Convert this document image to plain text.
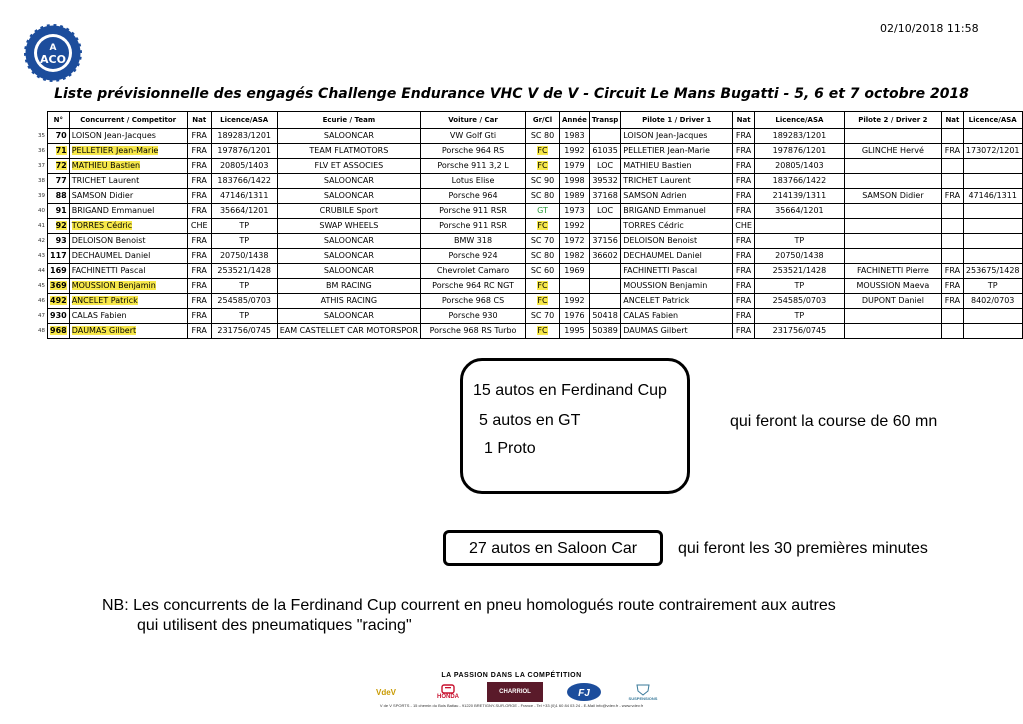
02/10/2018 11:58
A
ACO
Liste prévisionnelle des engagés Challenge Endurance VHC V de V - Circuit Le Mans Bugatti - 5, 6 et 7 octobre 2018
	N°	Concurrent / Competitor	Nat	Licence/ASA	Ecurie / Team	Voiture / Car	Gr/Cl	Année	Transp	Pilote 1 / Driver 1	Nat	Licence/ASA	Pilote 2 / Driver 2	Nat	Licence/ASA
35	70	LOISON Jean-Jacques	FRA	189283/1201	SALOONCAR	VW Golf Gti	SC 80	1983		LOISON Jean-Jacques	FRA	189283/1201			
36	71	PELLETIER Jean-Marie	FRA	197876/1201	TEAM FLATMOTORS	Porsche 964 RS	FC	1992	61035	PELLETIER Jean-Marie	FRA	197876/1201	GLINCHE Hervé	FRA	173072/1201
37	72	MATHIEU Bastien	FRA	20805/1403	FLV ET ASSOCIES	Porsche 911 3,2 L	FC	1979	LOC	MATHIEU Bastien	FRA	20805/1403			
38	77	TRICHET Laurent	FRA	183766/1422	SALOONCAR	Lotus Elise	SC 90	1998	39532	TRICHET Laurent	FRA	183766/1422			
39	88	SAMSON Didier	FRA	47146/1311	SALOONCAR	Porsche 964	SC 80	1989	37168	SAMSON Adrien	FRA	214139/1311	SAMSON Didier	FRA	47146/1311
40	91	BRIGAND Emmanuel	FRA	35664/1201	CRUBILE Sport	Porsche 911 RSR	GT	1973	LOC	BRIGAND Emmanuel	FRA	35664/1201			
41	92	TORRES Cédric	CHE	TP	SWAP WHEELS	Porsche 911 RSR	FC	1992		TORRES Cédric	CHE				
42	93	DELOISON Benoist	FRA	TP	SALOONCAR	BMW 318	SC 70	1972	37156	DELOISON Benoist	FRA	TP			
43	117	DECHAUMEL Daniel	FRA	20750/1438	SALOONCAR	Porsche 924	SC 80	1982	36602	DECHAUMEL Daniel	FRA	20750/1438			
44	169	FACHINETTI Pascal	FRA	253521/1428	SALOONCAR	Chevrolet Camaro	SC 60	1969		FACHINETTI Pascal	FRA	253521/1428	FACHINETTI Pierre	FRA	253675/1428
45	369	MOUSSION Benjamin	FRA	TP	BM RACING	Porsche 964 RC NGT	FC			MOUSSION Benjamin	FRA	TP	MOUSSION Maeva	FRA	TP
46	492	ANCELET Patrick	FRA	254585/0703	ATHIS RACING	Porsche 968 CS	FC	1992		ANCELET Patrick	FRA	254585/0703	DUPONT Daniel	FRA	8402/0703
47	930	CALAS Fabien	FRA	TP	SALOONCAR	Porsche 930	SC 70	1976	50418	CALAS Fabien	FRA	TP			
48	968	DAUMAS Gilbert	FRA	231756/0745	EAM CASTELLET CAR MOTORSPOR	Porsche 968 RS Turbo	FC	1995	50389	DAUMAS Gilbert	FRA	231756/0745			
15 autos en Ferdinand Cup
5 autos en GT
1 Proto
qui feront la course de 60 mn
27 autos en Saloon Car	qui feront les 30 premières minutes
NB: Les concurrents de la Ferdinand Cup courrent en pneu homologués route contrairement aux autres
qui utilisent des pneumatiques "racing"
LA PASSION DANS LA COMPÉTITION
VdeV
HONDA
CHARRIOL	FJ	SUSPENSIONS
V de V SPORTS - 15 chemin du Bois Batiau - 91220 BRETIGNY-SUR-ORGE - France - Tel +33 (0)1 60 84 03 24 - E-Mail info@vdev.fr - www.vdev.fr
